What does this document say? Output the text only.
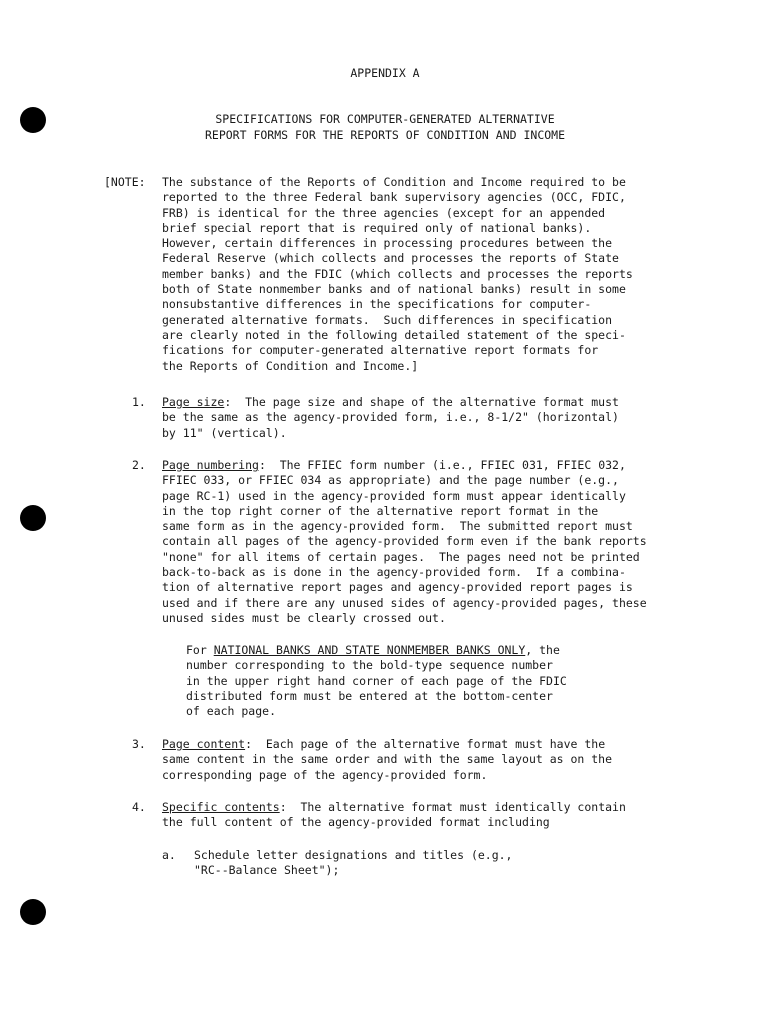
APPENDIX A
SPECIFICATIONS FOR COMPUTER-GENERATED ALTERNATIVE
REPORT FORMS FOR THE REPORTS OF CONDITION AND INCOME
[NOTE: The substance of the Reports of Condition and Income required to be
reported to the three Federal bank supervisory agencies (OCC, FDIC,
FRB) is identical for the three agencies (except for an appended
brief special report that is required only of national banks).
However, certain differences in processing procedures between the
Federal Reserve (which collects and processes the reports of State
member banks) and the FDIC (which collects and processes the reports
both of State nonmember banks and of national banks) result in some
nonsubstantive differences in the specifications for computer-
generated alternative formats.  Such differences in specification
are clearly noted in the following detailed statement of the speci-
fications for computer-generated alternative report formats for
the Reports of Condition and Income.]
1. Page size:  The page size and shape of the alternative format must
be the same as the agency-provided form, i.e., 8-1/2" (horizontal)
by 11" (vertical).
2. Page numbering:  The FFIEC form number (i.e., FFIEC 031, FFIEC 032,
FFIEC 033, or FFIEC 034 as appropriate) and the page number (e.g.,
page RC-1) used in the agency-provided form must appear identically
in the top right corner of the alternative report format in the
same form as in the agency-provided form.  The submitted report must
contain all pages of the agency-provided form even if the bank reports
"none" for all items of certain pages.  The pages need not be printed
back-to-back as is done in the agency-provided form.  If a combina-
tion of alternative report pages and agency-provided report pages is
used and if there are any unused sides of agency-provided pages, these
unused sides must be clearly crossed out.
For NATIONAL BANKS AND STATE NONMEMBER BANKS ONLY, the
number corresponding to the bold-type sequence number
in the upper right hand corner of each page of the FDIC
distributed form must be entered at the bottom-center
of each page.
3. Page content:  Each page of the alternative format must have the
same content in the same order and with the same layout as on the
corresponding page of the agency-provided form.
4. Specific contents:  The alternative format must identically contain
the full content of the agency-provided format including
a. Schedule letter designations and titles (e.g.,
"RC--Balance Sheet");
